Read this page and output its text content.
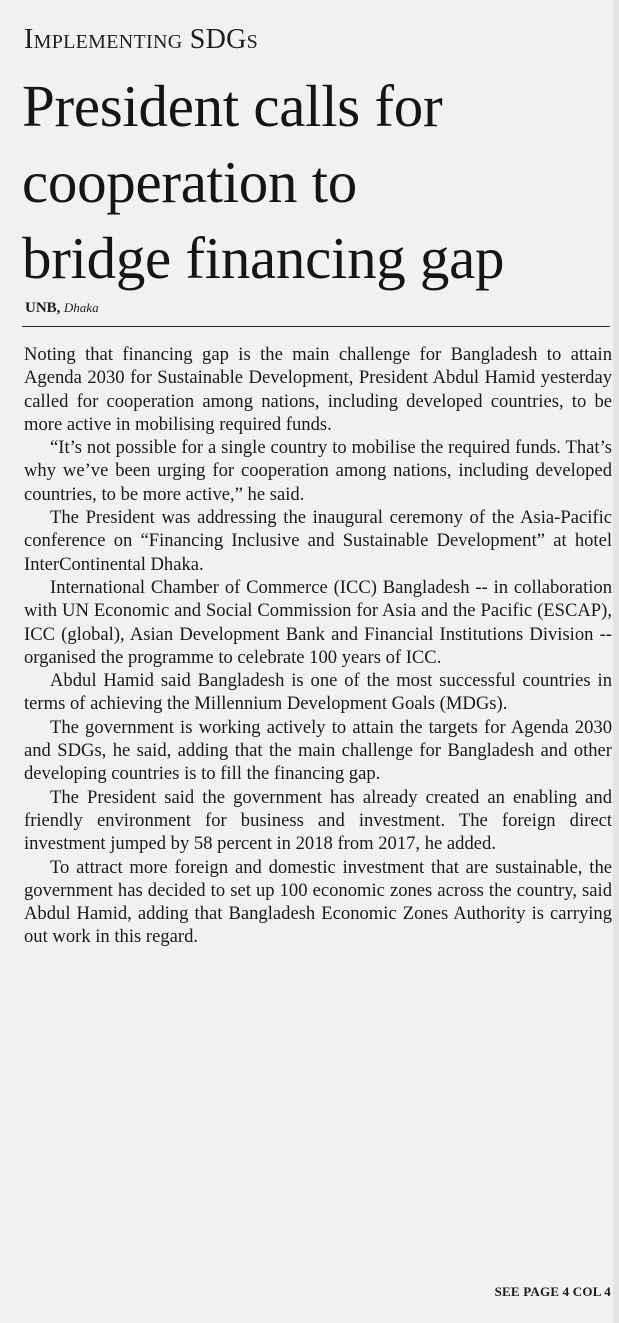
Implementing SDGs
President calls for
cooperation to
bridge financing gap
UNB, Dhaka

Noting that financing gap is the main challenge for Bangladesh to attain Agenda 2030 for Sustainable Development, President Abdul Hamid yesterday called for cooperation among nations, including developed countries, to be more active in mobilising required funds.

“It’s not possible for a single country to mobilise the required funds. That’s why we’ve been urging for cooperation among nations, including developed countries, to be more active,” he said.

The President was addressing the inaugural ceremony of the Asia-Pacific conference on “Financing Inclusive and Sustainable Development” at hotel InterContinental Dhaka.

International Chamber of Commerce (ICC) Bangladesh -- in collaboration with UN Economic and Social Commission for Asia and the Pacific (ESCAP), ICC (global), Asian Development Bank and Financial Institutions Division -- organised the programme to celebrate 100 years of ICC.

Abdul Hamid said Bangladesh is one of the most successful countries in terms of achieving the Millennium Development Goals (MDGs).

The government is working actively to attain the targets for Agenda 2030 and SDGs, he said, adding that the main challenge for Bangladesh and other developing countries is to fill the financing gap.

The President said the government has already created an enabling and friendly environment for business and investment. The foreign direct investment jumped by 58 percent in 2018 from 2017, he added.

To attract more foreign and domestic investment that are sustainable, the government has decided to set up 100 economic zones across the country, said Abdul Hamid, adding that Bangladesh Economic Zones Authority is carrying out work in this regard.

SEE PAGE 4 COL 4
